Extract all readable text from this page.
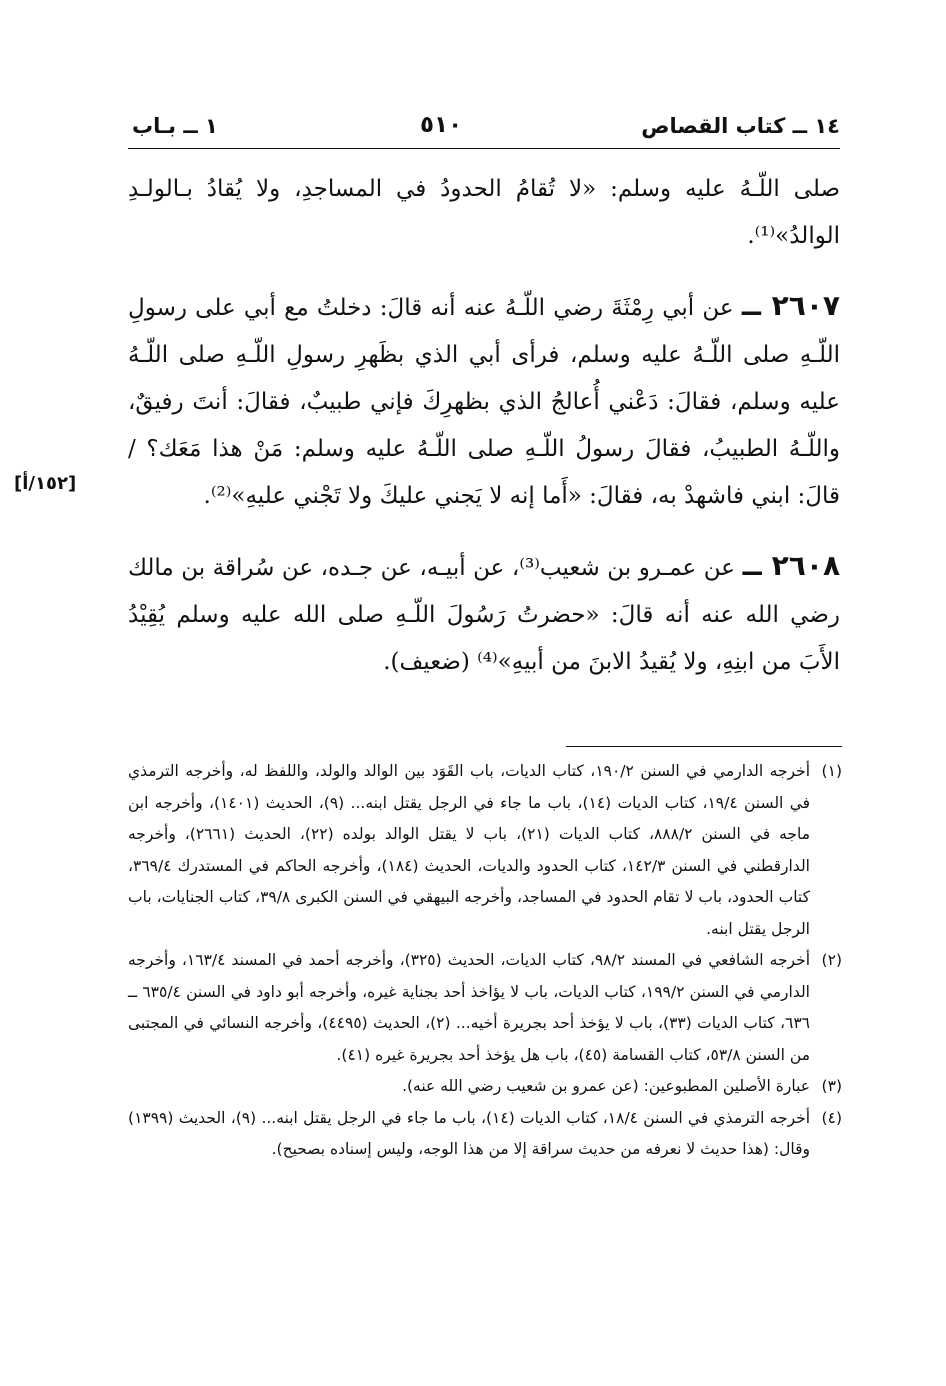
١٤ ــ كتاب القصاص
٥١٠
١ ــ بـاب

صلى اللّـهُ عليه وسلم: «لا تُقامُ الحدودُ في المساجدِ، ولا يُقادُ بـالولـدِ الوالدُ»⁽¹⁾.

٢٦٠٧ ــ عن أبي رِمْثَةَ رضي اللّـهُ عنه أنه قالَ: دخلتُ مع أبي على رسولِ اللّـهِ صلى اللّـهُ عليه وسلم، فرأى أبي الذي بظَهرِ رسولِ اللّـهِ صلى اللّـهُ عليه وسلم، فقالَ: دَعْني أُعالجُ الذي بظهرِكَ فإني طبيبٌ، فقالَ: أنتَ رفيقٌ، واللّـهُ الطبيبُ، فقالَ رسولُ اللّـهِ صلى اللّـهُ عليه وسلم: مَنْ هذا مَعَك؟ / قالَ: ابني فاشهدْ به، فقالَ: «أَما إنه لا يَجني عليكَ ولا تَجْني عليهِ»⁽²⁾.

[١٥٢/أ]

٢٦٠٨ ــ عن عمـرو بن شعيب⁽³⁾، عن أبيـه، عن جـده، عن سُراقة بن مالك رضي الله عنه أنه قالَ: «حضرتُ رَسُولَ اللّـهِ صلى الله عليه وسلم يُقِيْدُ الأَبَ من ابنِهِ، ولا يُقيدُ الابنَ من أبيهِ»⁽⁴⁾ (ضعيف).

(١)
أخرجه الدارمي في السنن ١٩٠/٢، كتاب الديات، باب القَوَد بين الوالد والولد، واللفظ له، وأخرجه الترمذي في السنن ١٩/٤، كتاب الديات (١٤)، باب ما جاء في الرجل يقتل ابنه... (٩)، الحديث (١٤٠١)، وأخرجه ابن ماجه في السنن ٨٨٨/٢، كتاب الديات (٢١)، باب لا يقتل الوالد بولده (٢٢)، الحديث (٢٦٦١)، وأخرجه الدارقطني في السنن ١٤٢/٣، كتاب الحدود والديات، الحديث (١٨٤)، وأخرجه الحاكم في المستدرك ٣٦٩/٤، كتاب الحدود، باب لا تقام الحدود في المساجد، وأخرجه البيهقي في السنن الكبرى ٣٩/٨، كتاب الجنايات، باب الرجل يقتل ابنه.
(٢)
أخرجه الشافعي في المسند ٩٨/٢، كتاب الديات، الحديث (٣٢٥)، وأخرجه أحمد في المسند ١٦٣/٤، وأخرجه الدارمي في السنن ١٩٩/٢، كتاب الديات، باب لا يؤاخذ أحد بجناية غيره، وأخرجه أبو داود في السنن ٦٣٥/٤ ــ ٦٣٦، كتاب الديات (٣٣)، باب لا يؤخذ أحد بجريرة أخيه... (٢)، الحديث (٤٤٩٥)، وأخرجه النسائي في المجتبى من السنن ٥٣/٨، كتاب القسامة (٤٥)، باب هل يؤخذ أحد بجريرة غيره (٤١).
(٣)
عبارة الأصلين المطبوعين: (عن عمرو بن شعيب رضي الله عنه).
(٤)
أخرجه الترمذي في السنن ١٨/٤، كتاب الديات (١٤)، باب ما جاء في الرجل يقتل ابنه... (٩)، الحديث (١٣٩٩) وقال: (هذا حديث لا نعرفه من حديث سراقة إلا من هذا الوجه، وليس إسناده بصحيح).
